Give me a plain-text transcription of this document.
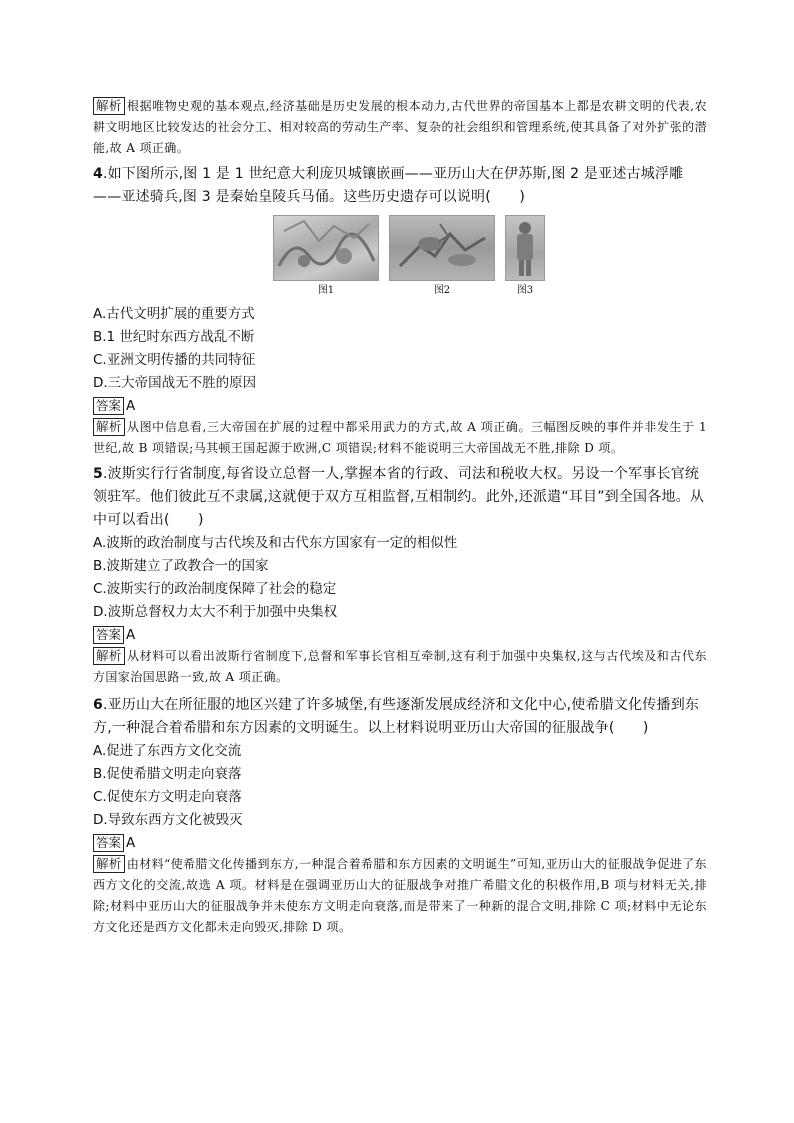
解析 根据唯物史观的基本观点,经济基础是历史发展的根本动力,古代世界的帝国基本上都是农耕文明的代表,农耕文明地区比较发达的社会分工、相对较高的劳动生产率、复杂的社会组织和管理系统,使其具备了对外扩张的潜能,故 A 项正确。

4.如下图所示,图 1 是 1 世纪意大利庞贝城镶嵌画——亚历山大在伊苏斯,图 2 是亚述古城浮雕——亚述骑兵,图 3 是秦始皇陵兵马俑。这些历史遗存可以说明(　　)

图1	图2	图3

A.古代文明扩展的重要方式

B.1 世纪时东西方战乱不断

C.亚洲文明传播的共同特征

D.三大帝国战无不胜的原因

答案 A

解析 从图中信息看,三大帝国在扩展的过程中都采用武力的方式,故 A 项正确。三幅图反映的事件并非发生于 1 世纪,故 B 项错误;马其顿王国起源于欧洲,C 项错误;材料不能说明三大帝国战无不胜,排除 D 项。

5.波斯实行行省制度,每省设立总督一人,掌握本省的行政、司法和税收大权。另设一个军事长官统领驻军。他们彼此互不隶属,这就便于双方互相监督,互相制约。此外,还派遣“耳目”到全国各地。从中可以看出(　　)

A.波斯的政治制度与古代埃及和古代东方国家有一定的相似性

B.波斯建立了政教合一的国家

C.波斯实行的政治制度保障了社会的稳定

D.波斯总督权力太大不利于加强中央集权

答案 A

解析 从材料可以看出波斯行省制度下,总督和军事长官相互牵制,这有利于加强中央集权,这与古代埃及和古代东方国家治国思路一致,故 A 项正确。

6.亚历山大在所征服的地区兴建了许多城堡,有些逐渐发展成经济和文化中心,使希腊文化传播到东方,一种混合着希腊和东方因素的文明诞生。以上材料说明亚历山大帝国的征服战争(　　)

A.促进了东西方文化交流

B.促使希腊文明走向衰落

C.促使东方文明走向衰落

D.导致东西方文化被毁灭

答案 A

解析 由材料“使希腊文化传播到东方,一种混合着希腊和东方因素的文明诞生”可知,亚历山大的征服战争促进了东西方文化的交流,故选 A 项。材料是在强调亚历山大的征服战争对推广希腊文化的积极作用,B 项与材料无关,排除;材料中亚历山大的征服战争并未使东方文明走向衰落,而是带来了一种新的混合文明,排除 C 项;材料中无论东方文化还是西方文化都未走向毁灭,排除 D 项。
